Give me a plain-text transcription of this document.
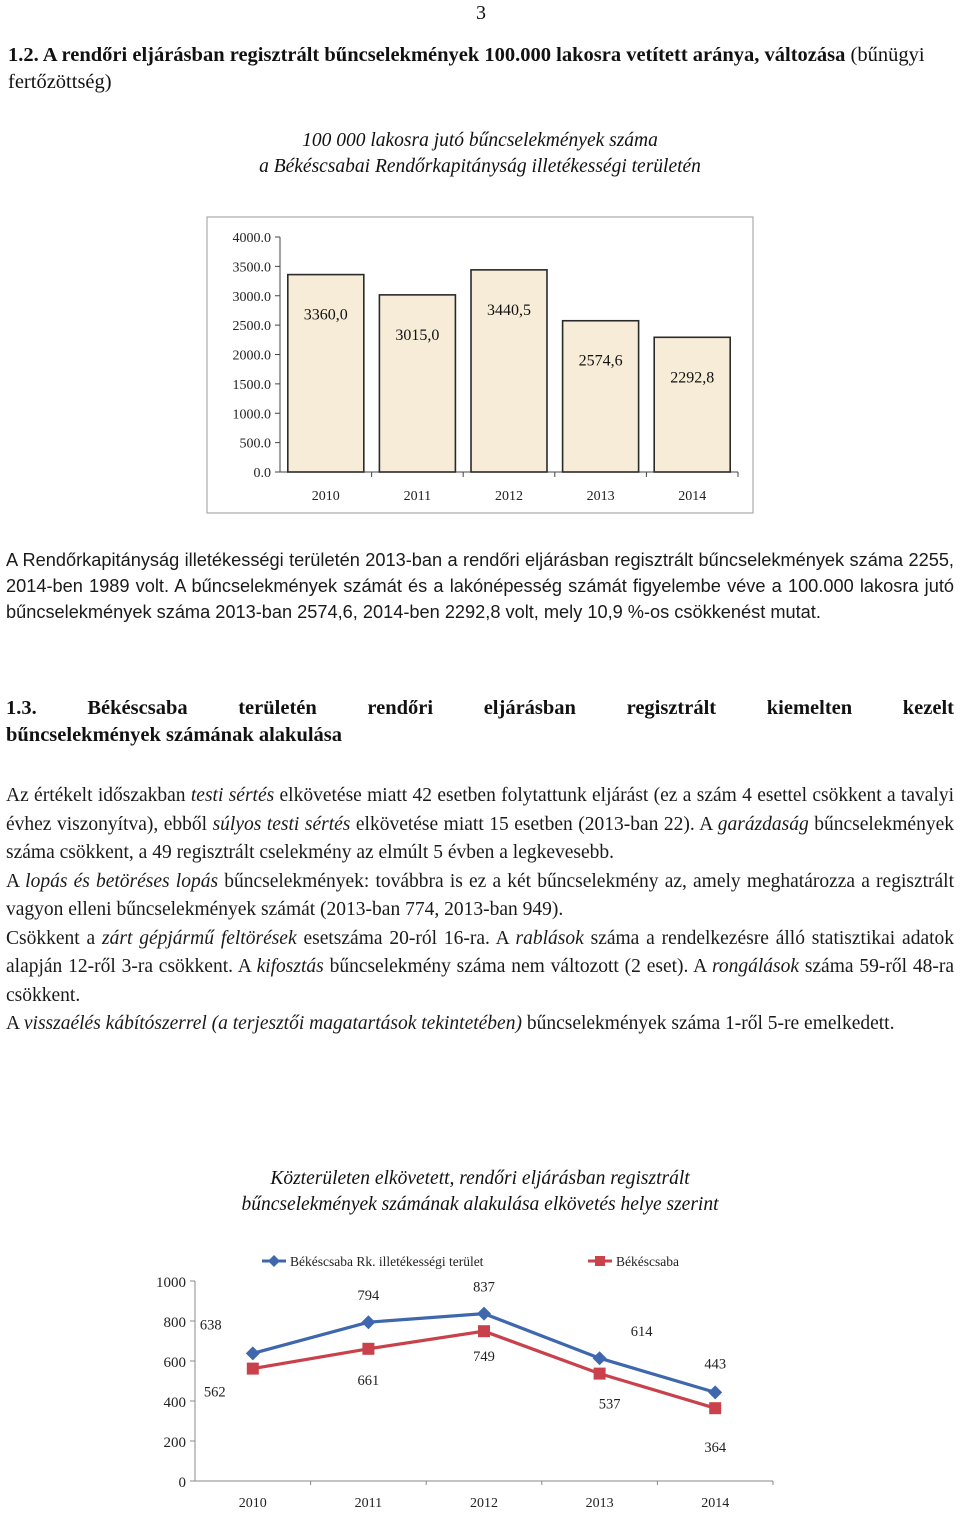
3
1.2. A rendőri eljárásban regisztrált bűncselekmények 100.000 lakosra vetített aránya, változása (bűnügyi fertőzöttség)
100 000 lakosra jutó bűncselekmények száma
a Békéscsabai Rendőrkapitányság illetékességi területén
4000.0
3500.0
3000.0
2500.0
2000.0
1500.0
1000.0
500.0
0.0
3360,0
2010
3015,0
2011
3440,5
2012
2574,6
2013
2292,8
2014
A Rendőrkapitányság illetékességi területén 2013-ban a rendőri eljárásban regisztrált bűncselekmények száma 2255, 2014-ben 1989 volt. A bűncselekmények számát és a lakónépesség számát figyelembe véve a 100.000 lakosra jutó bűncselekmények száma 2013-ban 2574,6, 2014-ben 2292,8 volt, mely 10,9 %-os csökkenést mutat.
1.3. Békéscsaba területén rendőri eljárásban regisztrált kiemelten kezelt
bűncselekmények számának alakulása

Az értékelt időszakban testi sértés elkövetése miatt 42 esetben folytattunk eljárást (ez a szám 4 esettel csökkent a tavalyi évhez viszonyítva), ebből súlyos testi sértés elkövetése miatt 15 esetben (2013-ban 22). A garázdaság bűncselekmények száma csökkent, a 49 regisztrált cselekmény az elmúlt 5 évben a legkevesebb.

A lopás és betöréses lopás bűncselekmények: továbbra is ez a két bűncselekmény az, amely meghatározza a regisztrált vagyon elleni bűncselekmények számát (2013-ban 774, 2013-ban 949).

Csökkent a zárt gépjármű feltörések esetszáma 20-ról 16-ra. A rablások száma a rendelkezésre álló statisztikai adatok alapján 12-ről 3-ra csökkent. A kifosztás bűncselekmény száma nem változott (2 eset). A rongálások száma 59-ről 48-ra csökkent.

A visszaélés kábítószerrel (a terjesztői magatartások tekintetében) bűncselekmények száma 1-ről 5-re emelkedett.

Közterületen elkövetett, rendőri eljárásban regisztrált
bűncselekmények számának alakulása elkövetés helye szerint
1000
800
600
400
200
0
2010	2011	2012	2013	2014
Békéscsaba Rk. illetékességi terület	Békéscsaba
638
794
837
614
443
562
661
749
537
364
